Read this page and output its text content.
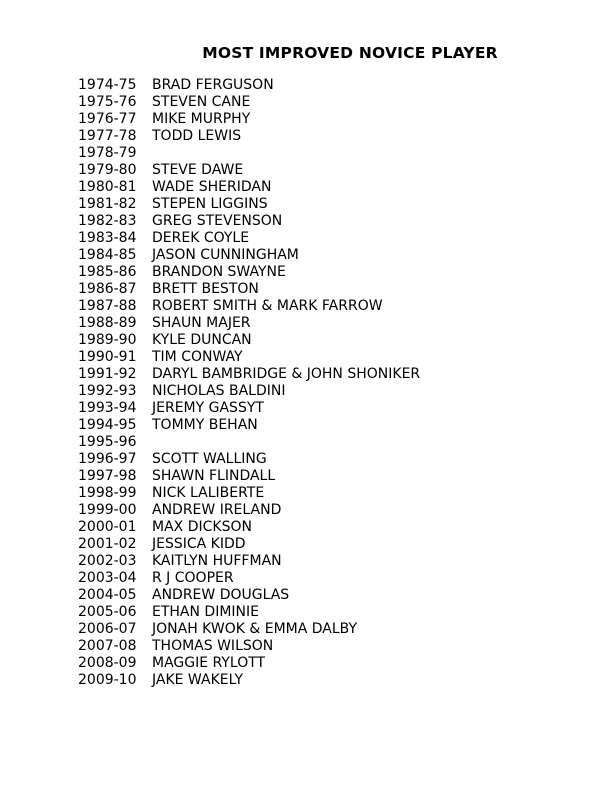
MOST IMPROVED NOVICE PLAYER
1974-75	BRAD FERGUSON
1975-76	STEVEN CANE
1976-77	MIKE MURPHY
1977-78	TODD LEWIS
1978-79
1979-80	STEVE DAWE
1980-81	WADE SHERIDAN
1981-82	STEPEN LIGGINS
1982-83	GREG STEVENSON
1983-84	DEREK COYLE
1984-85	JASON CUNNINGHAM
1985-86	BRANDON SWAYNE
1986-87	BRETT BESTON
1987-88	ROBERT SMITH & MARK FARROW
1988-89	SHAUN MAJER
1989-90	KYLE DUNCAN
1990-91	TIM CONWAY
1991-92	DARYL BAMBRIDGE & JOHN SHONIKER
1992-93	NICHOLAS BALDINI
1993-94	JEREMY GASSYT
1994-95	TOMMY BEHAN
1995-96
1996-97	SCOTT WALLING
1997-98	SHAWN FLINDALL
1998-99	NICK LALIBERTE
1999-00	ANDREW IRELAND
2000-01	MAX DICKSON
2001-02	JESSICA KIDD
2002-03	KAITLYN HUFFMAN
2003-04	R J COOPER
2004-05	ANDREW DOUGLAS
2005-06	ETHAN DIMINIE
2006-07	JONAH KWOK & EMMA DALBY
2007-08	THOMAS WILSON
2008-09	MAGGIE RYLOTT
2009-10	JAKE WAKELY
